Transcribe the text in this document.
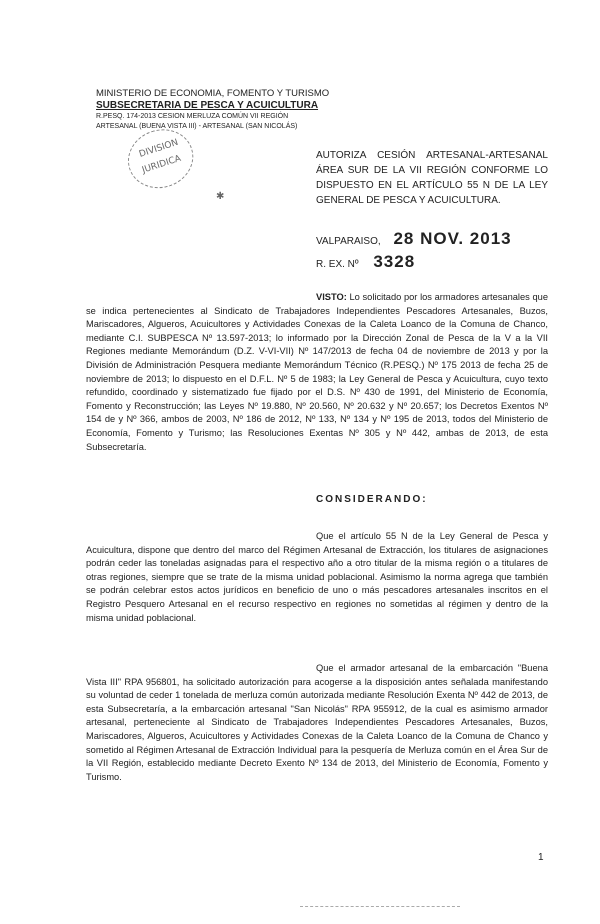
MINISTERIO DE ECONOMIA, FOMENTO Y TURISMO
SUBSECRETARIA DE PESCA Y ACUICULTURA
R.PESQ. 174-2013 CESION MERLUZA COMÚN VII REGIÓN
ARTESANAL (BUENA VISTA III) - ARTESANAL (SAN NICOLÁS)
DIVISION
JURIDICA
✱
AUTORIZA CESIÓN ARTESANAL-ARTESANAL ÁREA SUR DE LA VII REGIÓN CONFORME LO DISPUESTO EN EL ARTÍCULO 55 N DE LA LEY GENERAL DE PESCA Y ACUICULTURA.
VALPARAISO, 28 NOV. 2013
R. EX. Nº 3328
VISTO: Lo solicitado por los armadores artesanales que se indica pertenecientes al Sindicato de Trabajadores Independientes Pescadores Artesanales, Buzos, Mariscadores, Algueros, Acuicultores y Actividades Conexas de la Caleta Loanco de la Comuna de Chanco, mediante C.I. SUBPESCA Nº 13.597-2013; lo informado por la Dirección Zonal de Pesca de la V a la VII Regiones mediante Memorándum (D.Z. V-VI-VII) Nº 147/2013 de fecha 04 de noviembre de 2013 y por la División de Administración Pesquera mediante Memorándum Técnico (R.PESQ.) Nº 175 2013 de fecha 25 de noviembre de 2013; lo dispuesto en el D.F.L. Nº 5 de 1983; la Ley General de Pesca y Acuicultura, cuyo texto refundido, coordinado y sistematizado fue fijado por el D.S. Nº 430 de 1991, del Ministerio de Economía, Fomento y Reconstrucción; las Leyes Nº 19.880, Nº 20.560, Nº 20.632 y Nº 20.657; los Decretos Exentos Nº 154 de y Nº 366, ambos de 2003, Nº 186 de 2012, Nº 133, Nº 134 y Nº 195 de 2013, todos del Ministerio de Economía, Fomento y Turismo; las Resoluciones Exentas Nº 305 y Nº 442, ambas de 2013, de esta Subsecretaría.
CONSIDERANDO:
Que el artículo 55 N de la Ley General de Pesca y Acuicultura, dispone que dentro del marco del Régimen Artesanal de Extracción, los titulares de asignaciones podrán ceder las toneladas asignadas para el respectivo año a otro titular de la misma región o a titulares de otras regiones, siempre que se trate de la misma unidad poblacional. Asimismo la norma agrega que también se podrán celebrar estos actos jurídicos en beneficio de uno o más pescadores artesanales inscritos en el Registro Pesquero Artesanal en el recurso respectivo en regiones no sometidas al régimen y dentro de la misma unidad poblacional.
Que el armador artesanal de la embarcación "Buena Vista III" RPA 956801, ha solicitado autorización para acogerse a la disposición antes señalada manifestando su voluntad de ceder 1 tonelada de merluza común autorizada mediante Resolución Exenta Nº 442 de 2013, de esta Subsecretaría, a la embarcación artesanal "San Nicolás" RPA 955912, de la cual es asimismo armador artesanal, perteneciente al Sindicato de Trabajadores Independientes Pescadores Artesanales, Buzos, Mariscadores, Algueros, Acuicultores y Actividades Conexas de la Caleta Loanco de la Comuna de Chanco y sometido al Régimen Artesanal de Extracción Individual para la pesquería de Merluza común en el Área Sur de la VII Región, establecido mediante Decreto Exento Nº 134 de 2013, del Ministerio de Economía, Fomento y Turismo.
1
